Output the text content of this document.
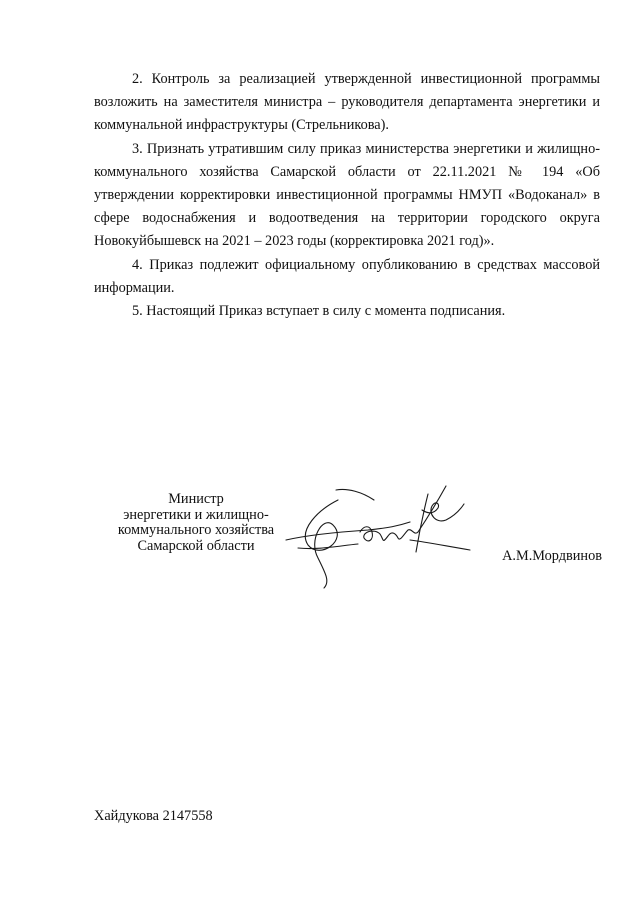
2. Контроль за реализацией утвержденной инвестиционной программы возложить на заместителя министра – руководителя департамента энергетики и коммунальной инфраструктуры (Стрельникова).

3. Признать утратившим силу приказ министерства энергетики и жилищно-коммунального хозяйства Самарской области от 22.11.2021 № 194 «Об утверждении корректировки инвестиционной программы НМУП «Водоканал» в сфере водоснабжения и водоотведения на территории городского округа Новокуйбышевск на 2021 – 2023 годы (корректировка 2021 год)».

4. Приказ подлежит официальному опубликованию в средствах массовой информации.

5. Настоящий Приказ вступает в силу с момента подписания.

Министр
энергетики и жилищно-
коммунального хозяйства
Самарской области
А.М.Мордвинов
Хайдукова 2147558
